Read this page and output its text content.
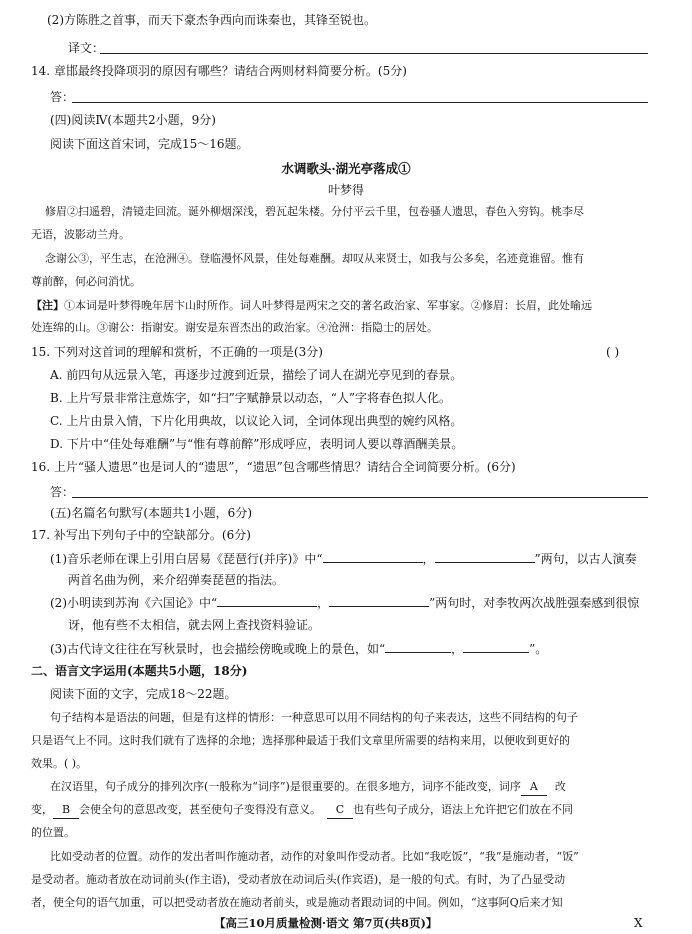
(2)方陈胜之首事，而天下豪杰争西向而诛秦也，其锋至锐也。
译文：
14. 章邯最终投降项羽的原因有哪些？请结合两则材料简要分析。(5分)
答：
(四)阅读Ⅳ(本题共2小题，9分)
阅读下面这首宋词，完成15～16题。
水调歌头·湖光亭落成①
叶梦得
修眉②扫遥碧，清镜走回流。诞外柳烟深浅，碧瓦起朱楼。分付平云千里，包卷骚人遗思，春色入穷钩。桃李尽
无语，波影动兰舟。
念谢公③，平生志，在沧洲④。登临漫怀风景，佳处每难酬。却叹从来贤士，如我与公多矣，名迹竟谁留。惟有
尊前醉，何必问消忧。
【注】①本词是叶梦得晚年居卞山时所作。词人叶梦得是两宋之交的著名政治家、军事家。②修眉：长眉，此处喻远
处连绵的山。③谢公：指谢安。谢安是东晋杰出的政治家。④沧洲：指隐士的居处。
15. 下列对这首词的理解和赏析，不正确的一项是(3分)	( )
A. 前四句从远景入笔，再逐步过渡到近景，描绘了词人在湖光亭见到的春景。
B. 上片写景非常注意炼字，如“扫”字赋静景以动态，“人”字将春色拟人化。
C. 上片由景入情，下片化用典故，以议论入词，全词体现出典型的婉约风格。
D. 下片中“佳处每难酬”与“惟有尊前醉”形成呼应，表明词人要以尊酒酬美景。
16. 上片“骚人遗思”也是词人的“遗思”，“遗思”包含哪些情思？请结合全词简要分析。(6分)
答：
(五)名篇名句默写(本题共1小题，6分)
17. 补写出下列句子中的空缺部分。(6分)
(1)音乐老师在课上引用白居易《琵琶行(并序)》中“	，	”两句，以古人演奏
两首名曲为例，来介绍弹奏琵琶的指法。
(2)小明读到苏洵《六国论》中“	，	”两句时，对李牧两次战胜强秦感到很惊
讶，他有些不太相信，就去网上查找资料验证。
(3)古代诗文往往在写秋景时，也会描绘傍晚或晚上的景色，如“	，	”。
二、语言文字运用(本题共5小题，18分)
阅读下面的文字，完成18～22题。
句子结构本是语法的问题，但是有这样的情形：一种意思可以用不同结构的句子来表达，这些不同结构的句子
只是语气上不同。这时我们就有了选择的余地；选择那种最适于我们文章里所需要的结构来用，以便收到更好的
效果。( )。
在汉语里，句子成分的排列次序(一般称为“词序”)是很重要的。在很多地方，词序不能改变，词序 A 改
变， B 会使全句的意思改变，甚至使句子变得没有意义。 C 也有些句子成分，语法上允许把它们放在不同
的位置。
比如受动者的位置。动作的发出者叫作施动者，动作的对象叫作受动者。比如“我吃饭”，“我”是施动者，“饭”
是受动者。施动者放在动词前头(作主语)，受动者放在动词后头(作宾语)，是一般的句式。有时，为了凸显受动
者，使全句的语气加重，可以把受动者放在施动者前头，或是施动者跟动词的中间。例如，“这事阿Q后来才知
【高三10月质量检测·语文 第7页(共8页)】	X
